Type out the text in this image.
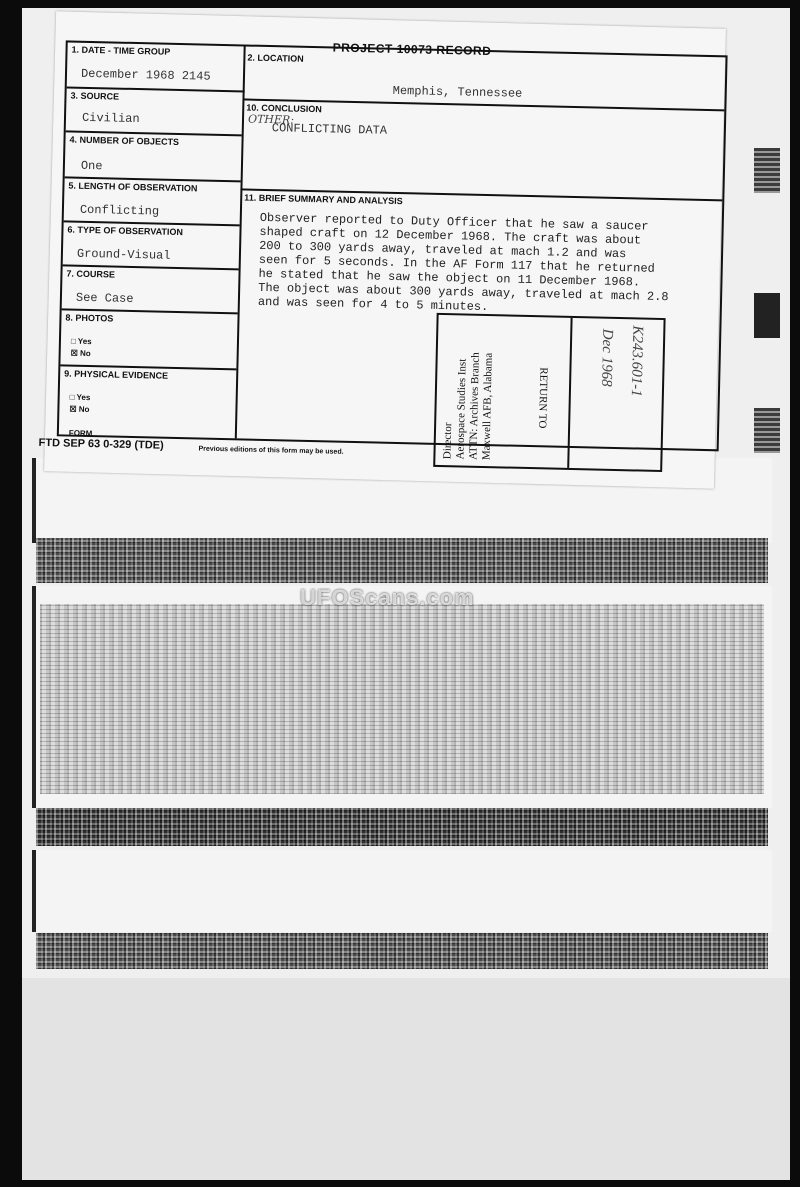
UFOScans.com
PROJECT 10073 RECORD
1. DATE - TIME GROUP
December 1968 2145
2. LOCATION
Memphis, Tennessee
3. SOURCE
Civilian
4. NUMBER OF OBJECTS
One
5. LENGTH OF OBSERVATION
Conflicting
6. TYPE OF OBSERVATION
Ground-Visual
7. COURSE
See Case
8. PHOTOS
□ Yes
☒ No
9. PHYSICAL EVIDENCE
□ Yes
☒ No
10. CONCLUSION
OTHER:
CONFLICTING DATA
11. BRIEF SUMMARY AND ANALYSIS
Observer reported to Duty Officer that he saw a saucer
shaped craft on 12 December 1968. The craft was about
200 to 300 yards away, traveled at mach 1.2 and was
seen for 5 seconds. In the AF Form 117 that he returned
he stated that he saw the object on 11 December 1968.
The object was about 300 yards away, traveled at mach 2.8
and was seen for 4 to 5 minutes.
Director
Aerospace Studies Inst
ATTN: Archives Branch
Maxwell AFB, Alabama	RETURN TO
K243.601-1
Dec 1968
FORM
FTD SEP 63 0-329 (TDE)	Previous editions of this form may be used.
